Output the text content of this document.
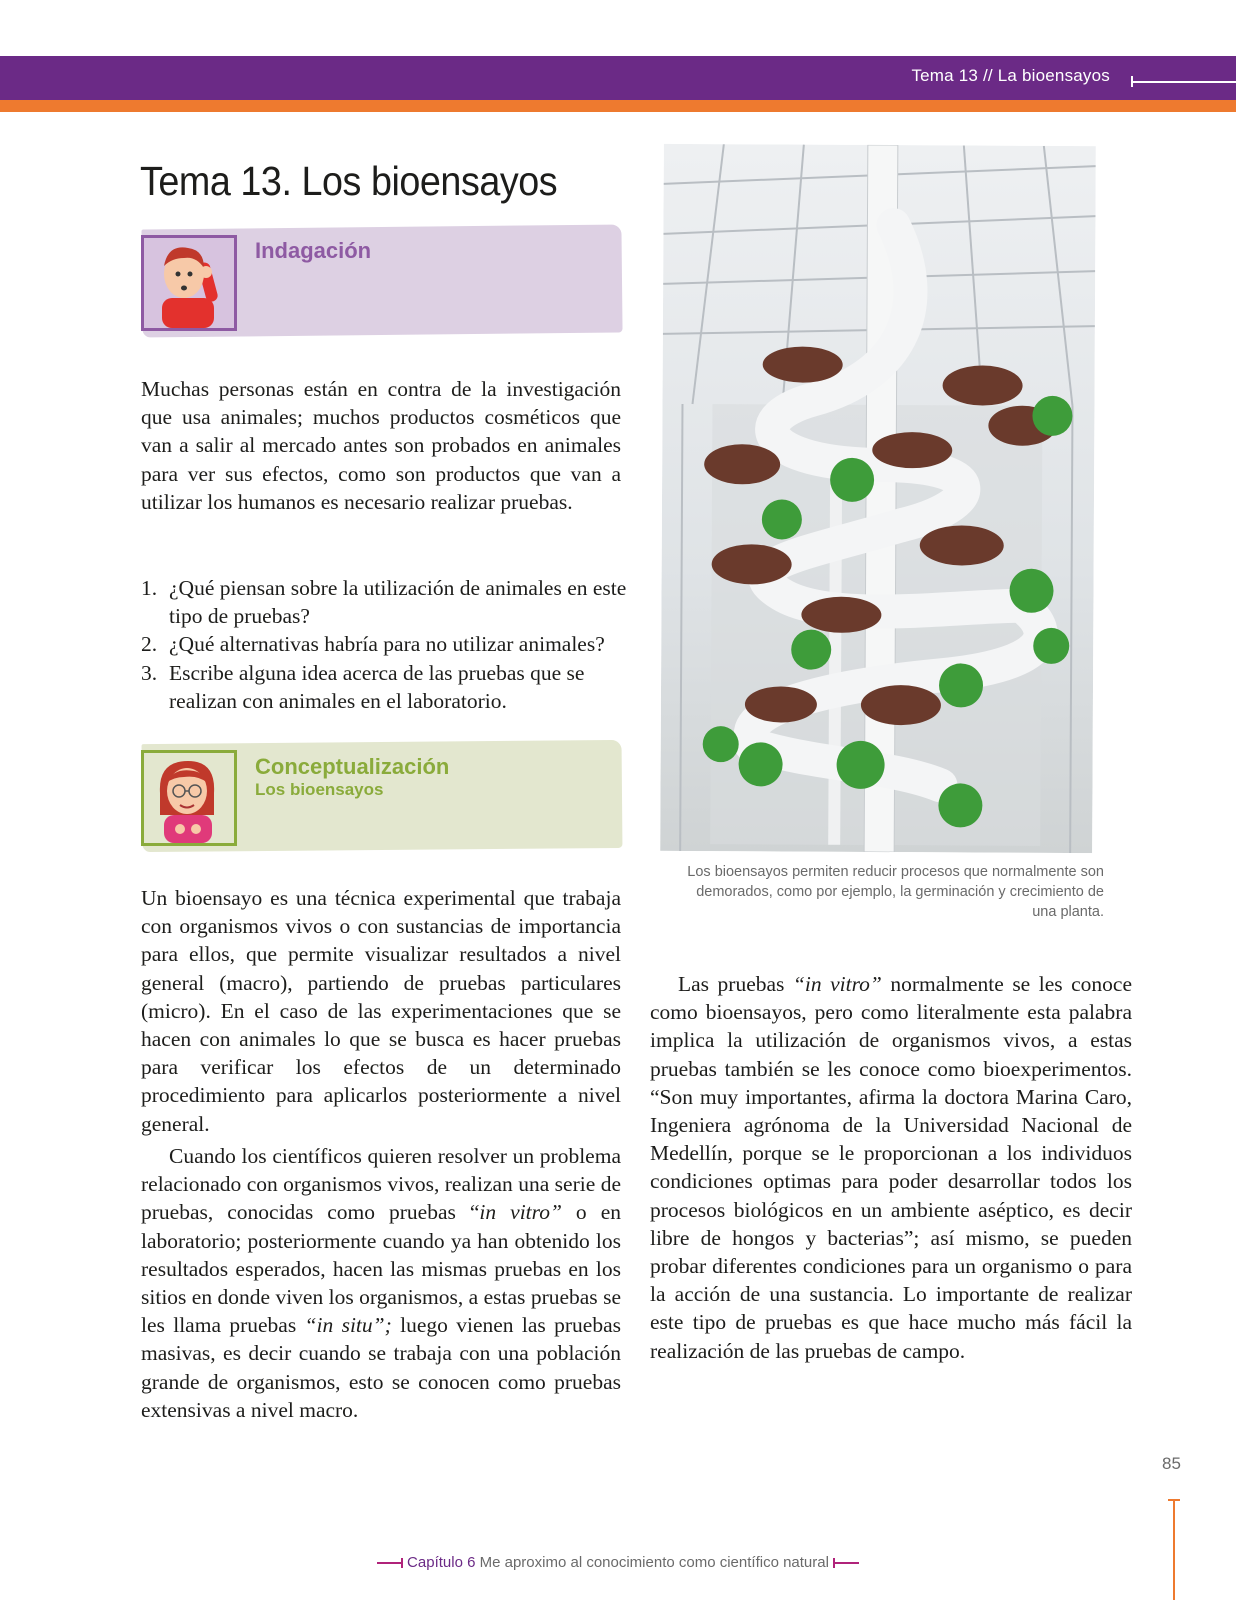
Tema 13 // La bioensayos
Tema 13. Los bioensayos
Indagación

Muchas personas están en contra de la investigación que usa animales; muchos productos cosméticos que van a salir al mercado antes son probados en animales para ver sus efectos, como son productos que van a utilizar los humanos es necesario realizar pruebas.

1. ¿Qué piensan sobre la utilización de animales en este tipo de pruebas?
2. ¿Qué alternativas habría para no utilizar animales?
3. Escribe alguna idea acerca de las pruebas que se realizan con animales en el laboratorio.
Conceptualización
Los bioensayos

Un bioensayo es una técnica experimental que trabaja con organismos vivos o con sustancias de importancia para ellos, que permite visualizar resultados a nivel general (macro), partiendo de pruebas particulares (micro). En el caso de las experimentaciones que se hacen con animales lo que se busca es hacer pruebas para verificar los efectos de un determinado procedimiento para aplicarlos posteriormente a nivel general.

Cuando los científicos quieren resolver un problema relacionado con organismos vivos, realizan una serie de pruebas, conocidas como pruebas “in vitro” o en laboratorio; posteriormente cuando ya han obtenido los resultados esperados, hacen las mismas pruebas en los sitios en donde viven los organismos, a estas pruebas se les llama pruebas “in situ”; luego vienen las pruebas masivas, es decir cuando se trabaja con una población grande de organismos, esto se conocen como pruebas extensivas a nivel macro.

Los bioensayos permiten reducir procesos que normalmente son demorados, como por ejemplo, la germinación y crecimiento de una planta.

Las pruebas “in vitro” normalmente se les conoce como bioensayos, pero como literalmente esta palabra implica la utilización de organismos vivos, a estas pruebas también se les conoce como bioexperimentos. “Son muy importantes, afirma la doctora Marina Caro, Ingeniera agrónoma de la Universidad Nacional de Medellín, porque se le proporcionan a los individuos condiciones optimas para poder desarrollar todos los procesos biológicos en un ambiente aséptico, es decir libre de hongos y bacterias”; así mismo, se pueden probar diferentes condiciones para un organismo o para la acción de una sustancia. Lo importante de realizar este tipo de pruebas es que hace mucho más fácil la realización de las pruebas de campo.

85
Capítulo 6 Me aproximo al conocimiento como científico natural
